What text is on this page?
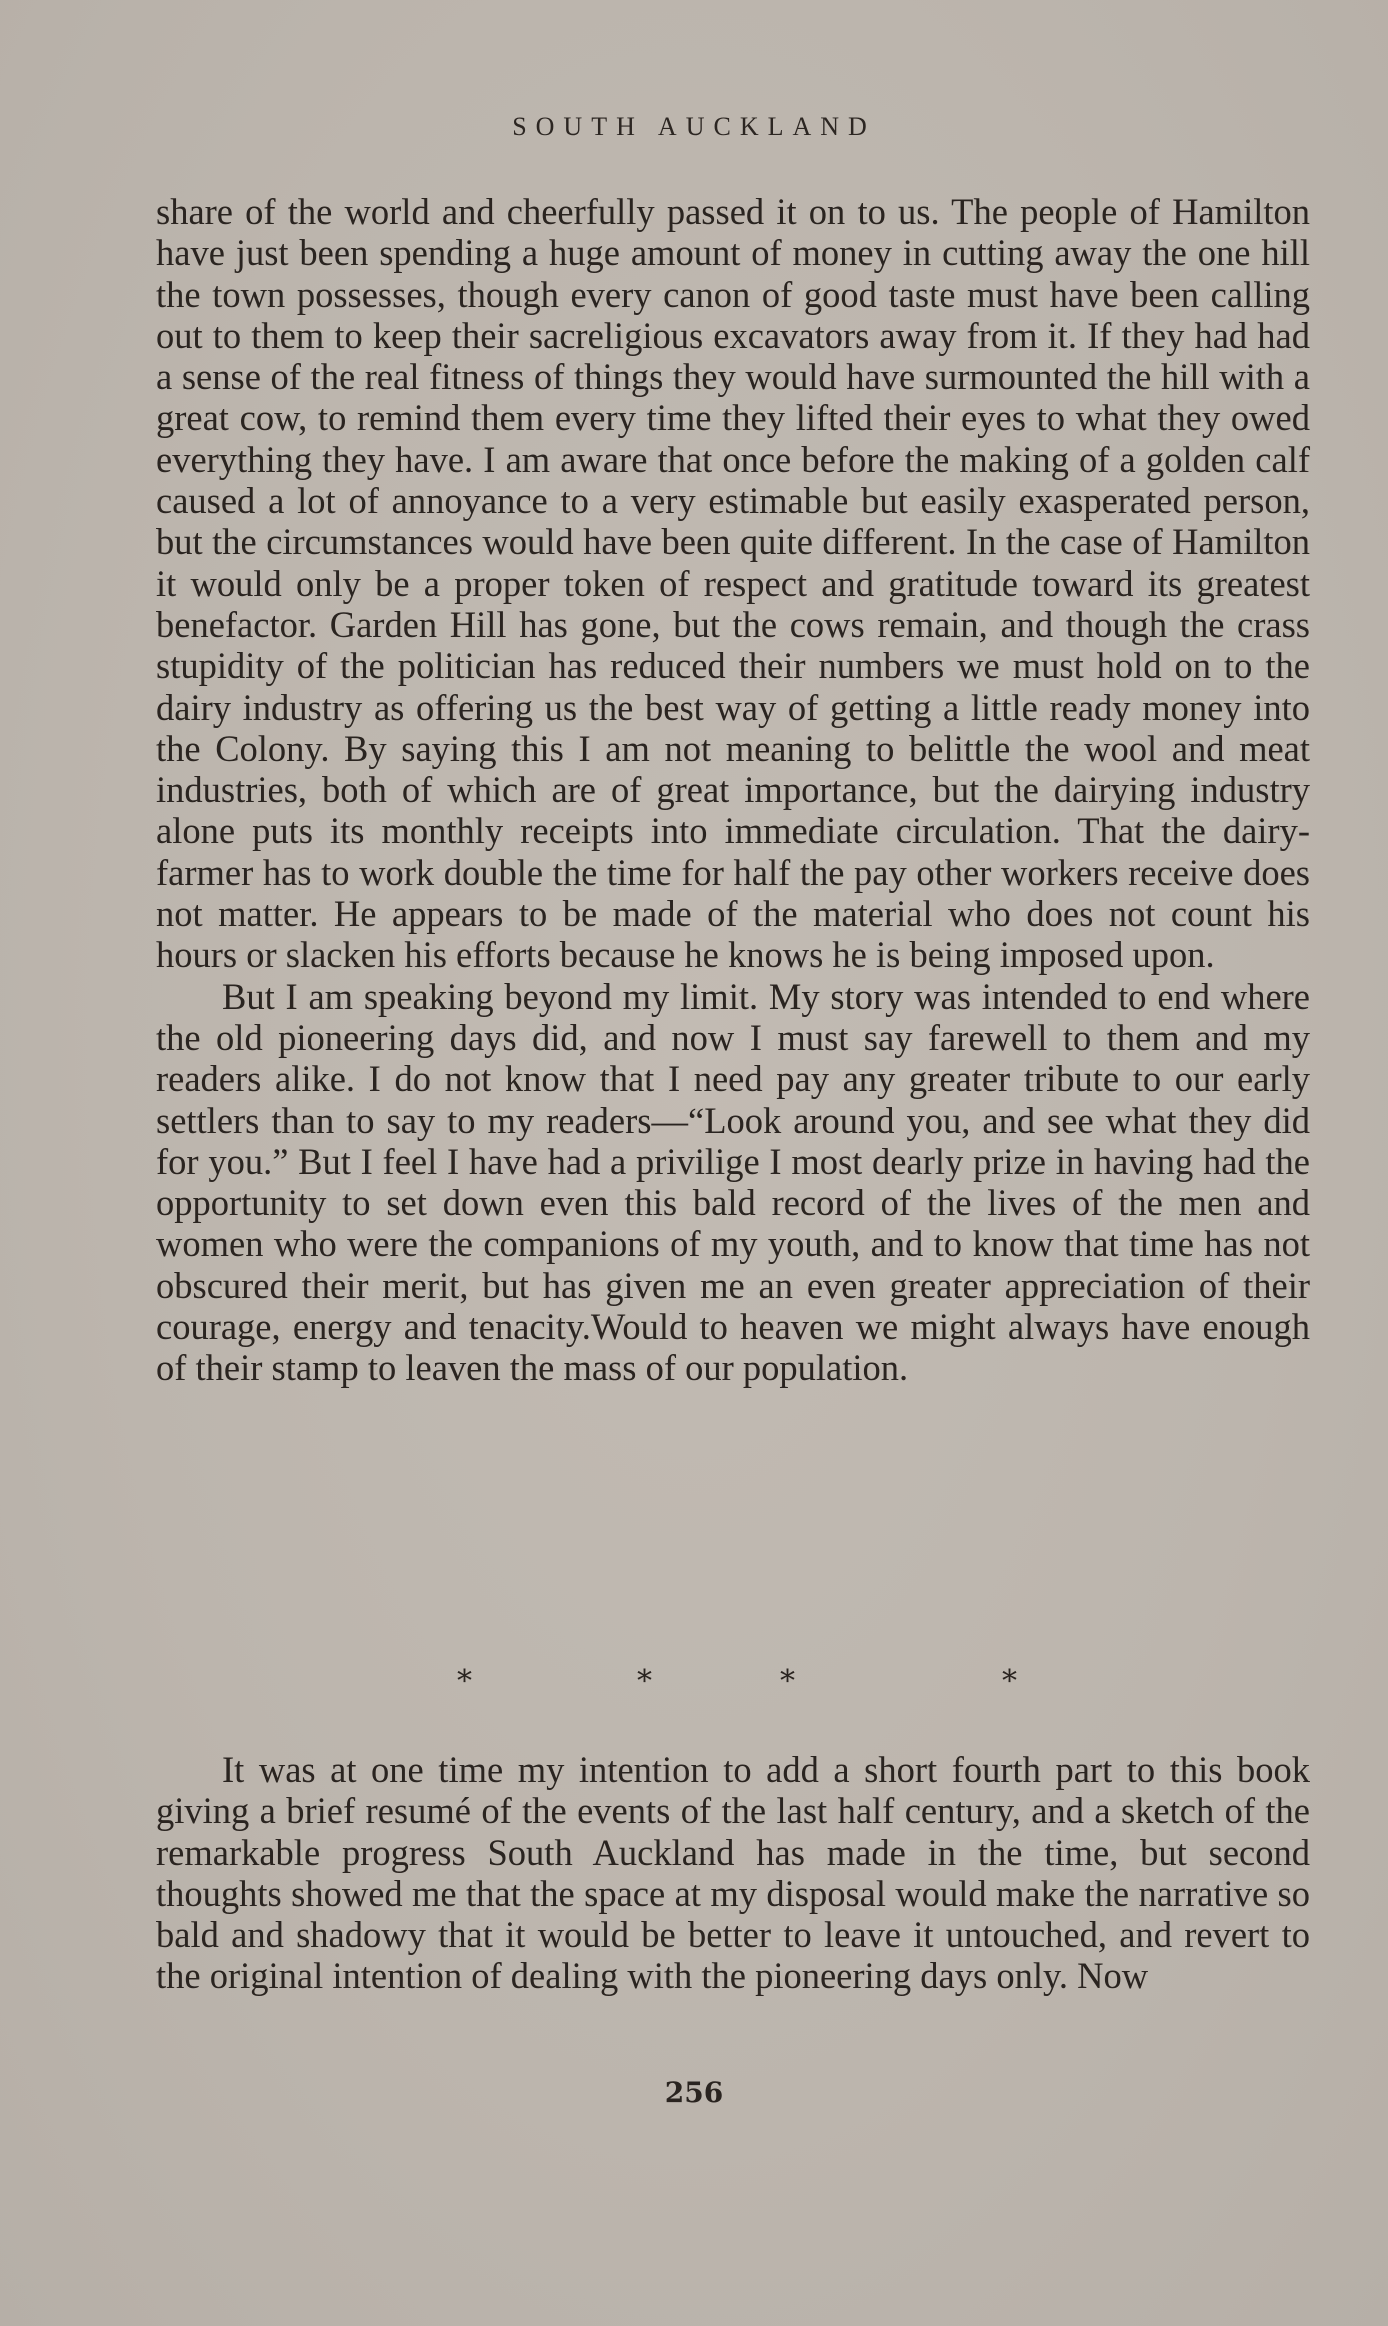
SOUTH AUCKLAND

share of the world and cheerfully passed it on to us. The people of Hamilton have just been spending a huge amount of money in cutting away the one hill the town possesses, though every canon of good taste must have been calling out to them to keep their sacreligious excavators away from it. If they had had a sense of the real fitness of things they would have surmounted the hill with a great cow, to remind them every time they lifted their eyes to what they owed everything they have. I am aware that once before the making of a golden calf caused a lot of annoyance to a very estimable but easily exasperated person, but the circumstances would have been quite different. In the case of Hamilton it would only be a proper token of respect and gratitude toward its greatest benefactor. Garden Hill has gone, but the cows remain, and though the crass stupidity of the politician has reduced their numbers we must hold on to the dairy industry as offering us the best way of getting a little ready money into the Colony. By saying this I am not meaning to belittle the wool and meat industries, both of which are of great importance, but the dairying industry alone puts its monthly receipts into immediate circulation. That the dairy-farmer has to work double the time for half the pay other workers receive does not matter. He appears to be made of the material who does not count his hours or slacken his efforts because he knows he is being imposed upon.

But I am speaking beyond my limit. My story was intended to end where the old pioneering days did, and now I must say farewell to them and my readers alike. I do not know that I need pay any greater tribute to our early settlers than to say to my readers—“Look around you, and see what they did for you.” But I feel I have had a privilige I most dearly prize in having had the opportunity to set down even this bald record of the lives of the men and women who were the companions of my youth, and to know that time has not obscured their merit, but has given me an even greater appreciation of their courage, energy and tenacity.Would to heaven we might always have enough of their stamp to leaven the mass of our population.

*	*	*	*

It was at one time my intention to add a short fourth part to this book giving a brief resumé of the events of the last half century, and a sketch of the remarkable progress South Auckland has made in the time, but second thoughts showed me that the space at my disposal would make the narrative so bald and shadowy that it would be better to leave it untouched, and revert to the original intention of dealing with the pioneering days only. Now

256
